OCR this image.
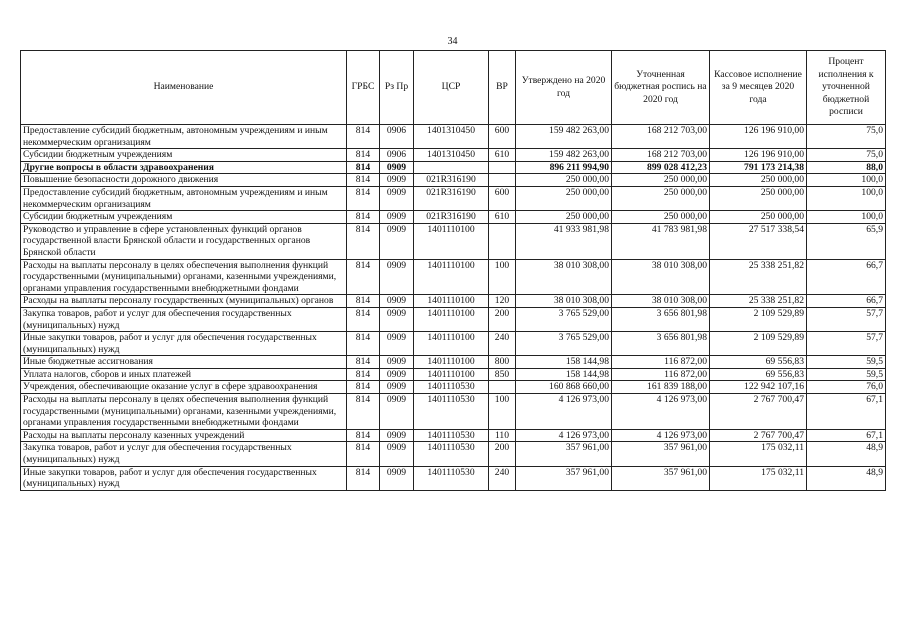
34
Наименование	ГРБС	Рз Пр	ЦСР	ВР	Утверждено на 2020 год	Уточненная бюджетная роспись на 2020 год	Кассовое исполнение за 9 месяцев 2020 года	Процент исполнения к уточненной бюджетной росписи
Предоставление субсидий бюджетным, автономным учреждениям и иным некоммерческим организациям	814	0906	1401310450	600	159 482 263,00	168 212 703,00	126 196 910,00	75,0
Субсидии бюджетным учреждениям	814	0906	1401310450	610	159 482 263,00	168 212 703,00	126 196 910,00	75,0
Другие вопросы в области здравоохранения	814	0909			896 211 994,90	899 028 412,23	791 173 214,38	88,0
Повышение безопасности дорожного движения	814	0909	021R316190		250 000,00	250 000,00	250 000,00	100,0
Предоставление субсидий бюджетным, автономным учреждениям и иным некоммерческим организациям	814	0909	021R316190	600	250 000,00	250 000,00	250 000,00	100,0
Субсидии бюджетным учреждениям	814	0909	021R316190	610	250 000,00	250 000,00	250 000,00	100,0
Руководство и управление в сфере установленных функций органов государственной власти Брянской области и государственных органов Брянской области	814	0909	1401110100		41 933 981,98	41 783 981,98	27 517 338,54	65,9
Расходы на выплаты персоналу в целях обеспечения выполнения функций государственными (муниципальными) органами, казенными учреждениями, органами управления государственными внебюджетными фондами	814	0909	1401110100	100	38 010 308,00	38 010 308,00	25 338 251,82	66,7
Расходы на выплаты персоналу государственных (муниципальных) органов	814	0909	1401110100	120	38 010 308,00	38 010 308,00	25 338 251,82	66,7
Закупка товаров, работ и услуг для обеспечения государственных (муниципальных) нужд	814	0909	1401110100	200	3 765 529,00	3 656 801,98	2 109 529,89	57,7
Иные закупки товаров, работ и услуг для обеспечения государственных (муниципальных) нужд	814	0909	1401110100	240	3 765 529,00	3 656 801,98	2 109 529,89	57,7
Иные бюджетные ассигнования	814	0909	1401110100	800	158 144,98	116 872,00	69 556,83	59,5
Уплата налогов, сборов и иных платежей	814	0909	1401110100	850	158 144,98	116 872,00	69 556,83	59,5
Учреждения, обеспечивающие оказание услуг в сфере здравоохранения	814	0909	1401110530		160 868 660,00	161 839 188,00	122 942 107,16	76,0
Расходы на выплаты персоналу в целях обеспечения выполнения функций государственными (муниципальными) органами, казенными учреждениями, органами управления государственными внебюджетными фондами	814	0909	1401110530	100	4 126 973,00	4 126 973,00	2 767 700,47	67,1
Расходы на выплаты персоналу казенных учреждений	814	0909	1401110530	110	4 126 973,00	4 126 973,00	2 767 700,47	67,1
Закупка товаров, работ и услуг для обеспечения государственных (муниципальных) нужд	814	0909	1401110530	200	357 961,00	357 961,00	175 032,11	48,9
Иные закупки товаров, работ и услуг для обеспечения государственных (муниципальных) нужд	814	0909	1401110530	240	357 961,00	357 961,00	175 032,11	48,9
